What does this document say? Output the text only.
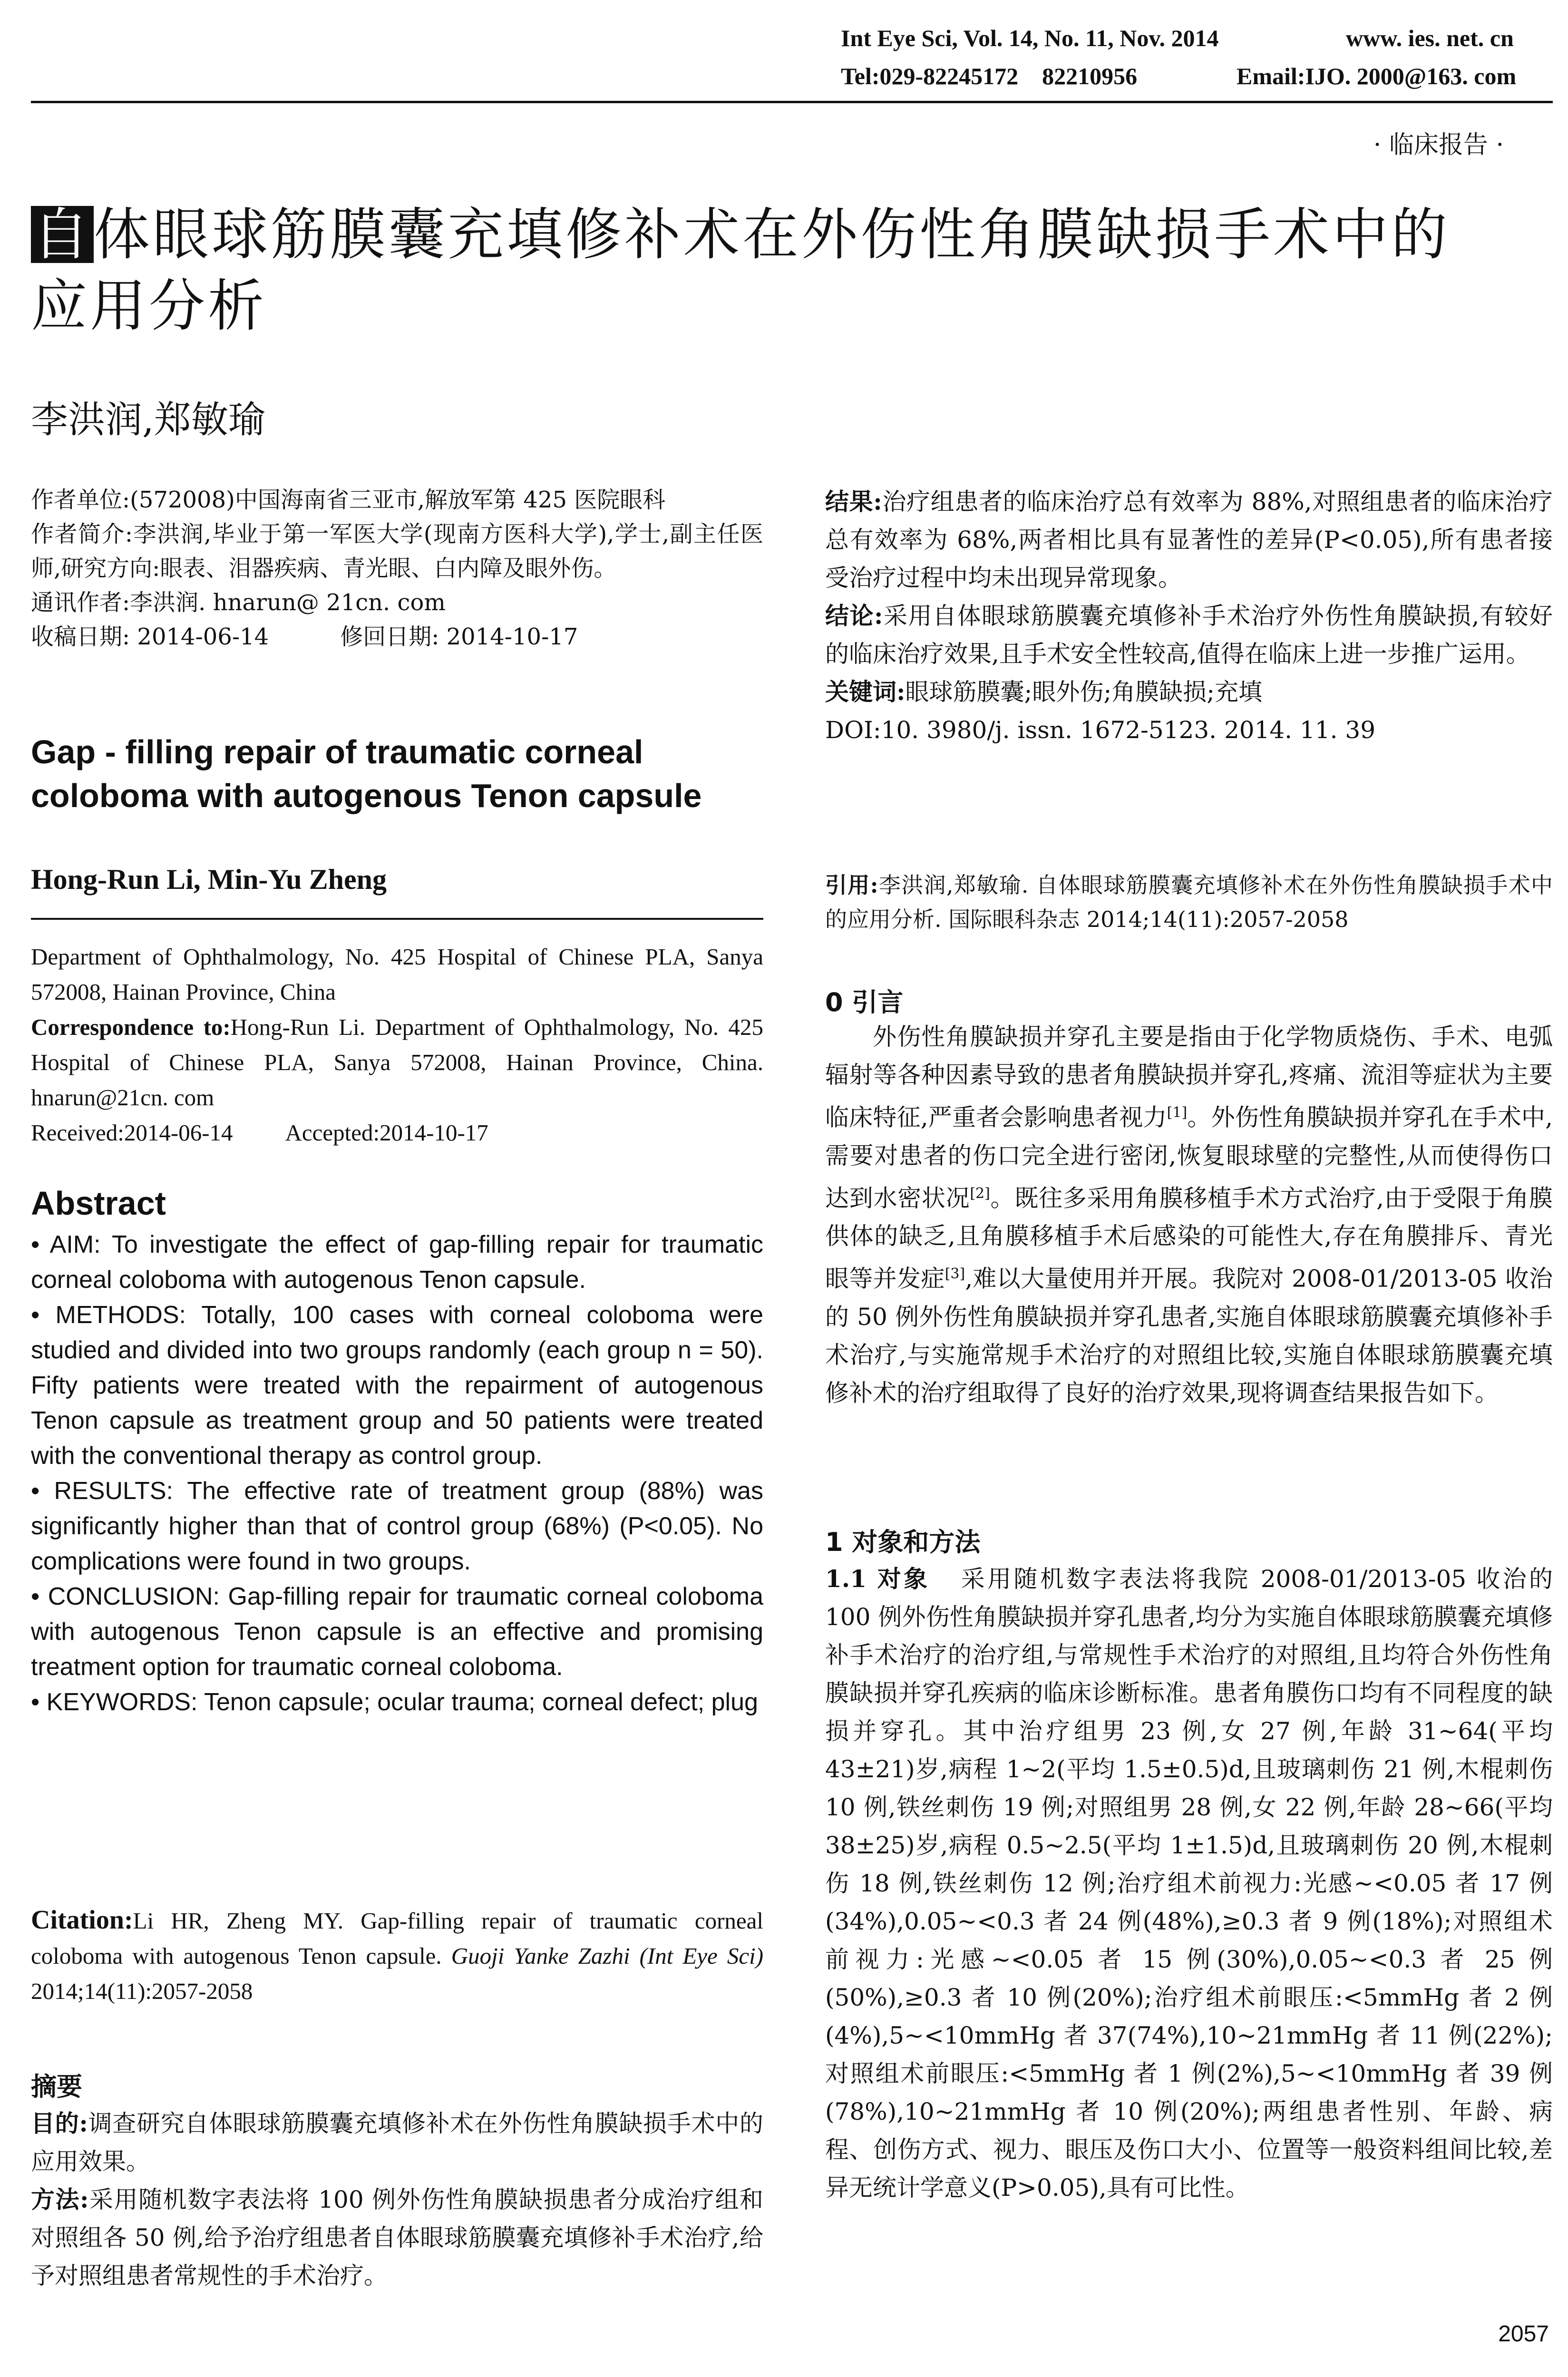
Int Eye Sci, Vol. 14, No. 11, Nov. 2014	www. ies. net. cn
Tel:029-82245172    82210956	Email:IJO. 2000@163. com
· 临床报告 ·
自体眼球筋膜囊充填修补术在外伤性角膜缺损手术中的
应用分析
李洪润,郑敏瑜

作者单位:(572008)中国海南省三亚市,解放军第 425 医院眼科

作者简介:李洪润,毕业于第一军医大学(现南方医科大学),学士,副主任医师,研究方向:眼表、泪器疾病、青光眼、白内障及眼外伤。

通讯作者:李洪润. hnarun@ 21cn. com

收稿日期: 2014-06-14	修回日期: 2014-10-17

Gap - filling repair of traumatic corneal coloboma with autogenous Tenon capsule
Hong-Run Li, Min-Yu Zheng

Department of Ophthalmology, No. 425 Hospital of Chinese PLA, Sanya 572008, Hainan Province, China

Correspondence to:Hong-Run Li. Department of Ophthalmology, No. 425 Hospital of Chinese PLA, Sanya 572008, Hainan Province, China. hnarun@21cn. com

Received:2014-06-14 Accepted:2014-10-17

Abstract

• AIM: To investigate the effect of gap-filling repair for traumatic corneal coloboma with autogenous Tenon capsule.

• METHODS: Totally, 100 cases with corneal coloboma were studied and divided into two groups randomly (each group n = 50). Fifty patients were treated with the repairment of autogenous Tenon capsule as treatment group and 50 patients were treated with the conventional therapy as control group.

• RESULTS: The effective rate of treatment group (88%) was significantly higher than that of control group (68%) (P<0.05). No complications were found in two groups.

• CONCLUSION: Gap-filling repair for traumatic corneal coloboma with autogenous Tenon capsule is an effective and promising treatment option for traumatic corneal coloboma.

• KEYWORDS: Tenon capsule; ocular trauma; corneal defect; plug

Citation:Li HR, Zheng MY. Gap-filling repair of traumatic corneal coloboma with autogenous Tenon capsule. Guoji Yanke Zazhi (Int Eye Sci) 2014;14(11):2057-2058

摘要

目的:调查研究自体眼球筋膜囊充填修补术在外伤性角膜缺损手术中的应用效果。

方法:采用随机数字表法将 100 例外伤性角膜缺损患者分成治疗组和对照组各 50 例,给予治疗组患者自体眼球筋膜囊充填修补手术治疗,给予对照组患者常规性的手术治疗。

结果:治疗组患者的临床治疗总有效率为 88%,对照组患者的临床治疗总有效率为 68%,两者相比具有显著性的差异(P<0.05),所有患者接受治疗过程中均未出现异常现象。

结论:采用自体眼球筋膜囊充填修补手术治疗外伤性角膜缺损,有较好的临床治疗效果,且手术安全性较高,值得在临床上进一步推广运用。

关键词:眼球筋膜囊;眼外伤;角膜缺损;充填

DOI:10. 3980/j. issn. 1672-5123. 2014. 11. 39

引用:李洪润,郑敏瑜. 自体眼球筋膜囊充填修补术在外伤性角膜缺损手术中的应用分析. 国际眼科杂志 2014;14(11):2057-2058

0 引言

外伤性角膜缺损并穿孔主要是指由于化学物质烧伤、手术、电弧辐射等各种因素导致的患者角膜缺损并穿孔,疼痛、流泪等症状为主要临床特征,严重者会影响患者视力[1]。外伤性角膜缺损并穿孔在手术中,需要对患者的伤口完全进行密闭,恢复眼球壁的完整性,从而使得伤口达到水密状况[2]。既往多采用角膜移植手术方式治疗,由于受限于角膜供体的缺乏,且角膜移植手术后感染的可能性大,存在角膜排斥、青光眼等并发症[3],难以大量使用并开展。我院对 2008-01/2013-05 收治的 50 例外伤性角膜缺损并穿孔患者,实施自体眼球筋膜囊充填修补手术治疗,与实施常规手术治疗的对照组比较,实施自体眼球筋膜囊充填修补术的治疗组取得了良好的治疗效果,现将调查结果报告如下。

1 对象和方法

1.1 对象 采用随机数字表法将我院 2008-01/2013-05 收治的 100 例外伤性角膜缺损并穿孔患者,均分为实施自体眼球筋膜囊充填修补手术治疗的治疗组,与常规性手术治疗的对照组,且均符合外伤性角膜缺损并穿孔疾病的临床诊断标准。患者角膜伤口均有不同程度的缺损并穿孔。其中治疗组男 23 例,女 27 例,年龄 31~64(平均 43±21)岁,病程 1~2(平均 1.5±0.5)d,且玻璃刺伤 21 例,木棍刺伤 10 例,铁丝刺伤 19 例;对照组男 28 例,女 22 例,年龄 28~66(平均 38±25)岁,病程 0.5~2.5(平均 1±1.5)d,且玻璃刺伤 20 例,木棍刺伤 18 例,铁丝刺伤 12 例;治疗组术前视力:光感~<0.05 者 17 例(34%),0.05~<0.3 者 24 例(48%),≥0.3 者 9 例(18%);对照组术前视力:光感~<0.05 者 15 例(30%),0.05~<0.3 者 25 例(50%),≥0.3 者 10 例(20%);治疗组术前眼压:<5mmHg 者 2 例(4%),5~<10mmHg 者 37(74%),10~21mmHg 者 11 例(22%);对照组术前眼压:<5mmHg 者 1 例(2%),5~<10mmHg 者 39 例(78%),10~21mmHg 者 10 例(20%);两组患者性别、年龄、病程、创伤方式、视力、眼压及伤口大小、位置等一般资料组间比较,差异无统计学意义(P>0.05),具有可比性。

2057
